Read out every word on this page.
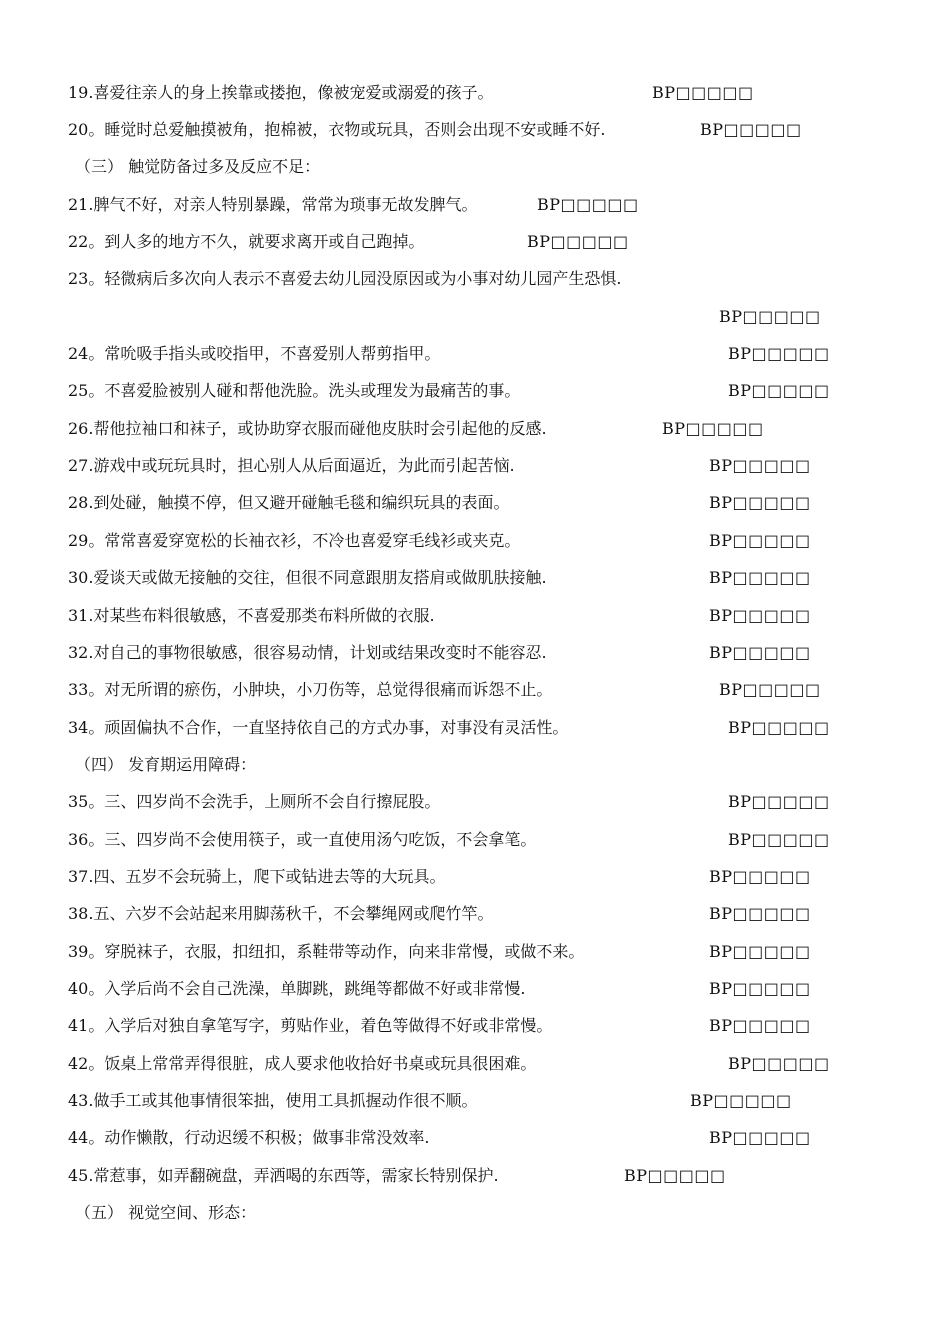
19.喜爱往亲人的身上挨靠或搂抱，像被宠爱或溺爱的孩子。	BP□□□□□
20。睡觉时总爱触摸被角，抱棉被，衣物或玩具，否则会出现不安或睡不好.	BP□□□□□
（三） 触觉防备过多及反应不足：
21.脾气不好，对亲人特别暴躁，常常为琐事无故发脾气。	BP□□□□□
22。到人多的地方不久，就要求离开或自己跑掉。	BP□□□□□
23。轻微病后多次向人表示不喜爱去幼儿园没原因或为小事对幼儿园产生恐惧.
BP□□□□□
24。常吮吸手指头或咬指甲，不喜爱别人帮剪指甲。	BP□□□□□
25。不喜爱脸被别人碰和帮他洗脸。洗头或理发为最痛苦的事。	BP□□□□□
26.帮他拉袖口和袜子，或协助穿衣服而碰他皮肤时会引起他的反感.	BP□□□□□
27.游戏中或玩玩具时，担心别人从后面逼近，为此而引起苦恼.	BP□□□□□
28.到处碰，触摸不停，但又避开碰触毛毯和编织玩具的表面。	BP□□□□□
29。常常喜爱穿宽松的长袖衣衫，不冷也喜爱穿毛线衫或夹克。	BP□□□□□
30.爱谈天或做无接触的交往，但很不同意跟朋友搭肩或做肌肤接触.	BP□□□□□
31.对某些布料很敏感，不喜爱那类布料所做的衣服.	BP□□□□□
32.对自己的事物很敏感，很容易动情，计划或结果改变时不能容忍.	BP□□□□□
33。对无所谓的瘀伤，小肿块，小刀伤等，总觉得很痛而诉怨不止。	BP□□□□□
34。顽固偏执不合作，一直坚持依自己的方式办事，对事没有灵活性。	BP□□□□□
（四） 发育期运用障碍：
35。三、四岁尚不会洗手，上厕所不会自行擦屁股。	BP□□□□□
36。三、四岁尚不会使用筷子，或一直使用汤勺吃饭，不会拿笔。	BP□□□□□
37.四、五岁不会玩骑上，爬下或钻进去等的大玩具。	BP□□□□□
38.五、六岁不会站起来用脚荡秋千，不会攀绳网或爬竹竿。	BP□□□□□
39。穿脱袜子，衣服，扣纽扣，系鞋带等动作，向来非常慢，或做不来。	BP□□□□□
40。入学后尚不会自己洗澡，单脚跳，跳绳等都做不好或非常慢.	BP□□□□□
41。入学后对独自拿笔写字，剪贴作业，着色等做得不好或非常慢。	BP□□□□□
42。饭桌上常常弄得很脏，成人要求他收拾好书桌或玩具很困难。	BP□□□□□
43.做手工或其他事情很笨拙，使用工具抓握动作很不顺。	BP□□□□□
44。动作懒散，行动迟缓不积极；做事非常没效率.	BP□□□□□
45.常惹事，如弄翻碗盘，弄洒喝的东西等，需家长特别保护.	BP□□□□□
（五） 视觉空间、形态：
